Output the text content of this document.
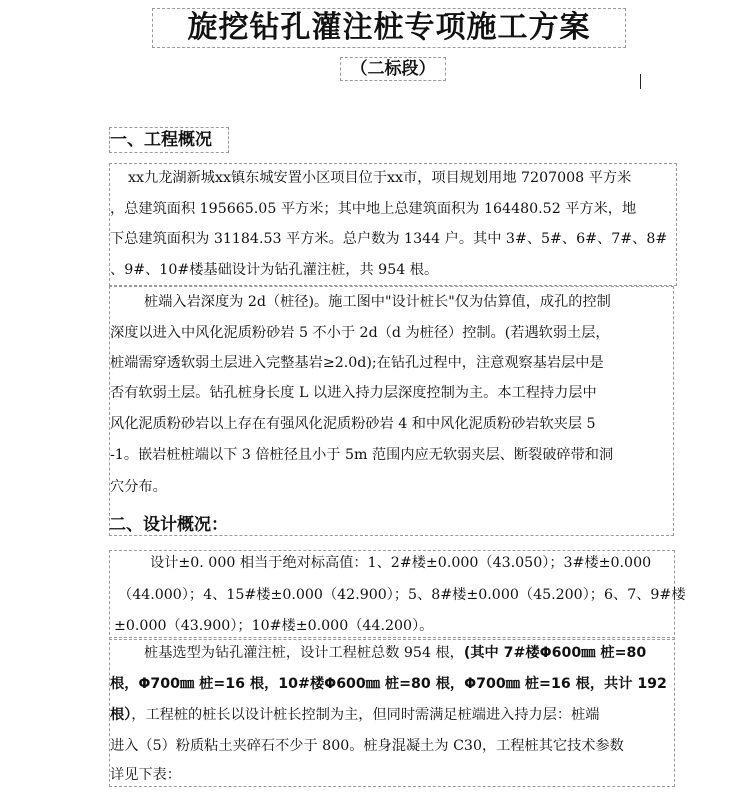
旋挖钻孔灌注桩专项施工方案
（二标段）
一、工程概况
xx九龙湖新城xx镇东城安置小区项目位于xx市，项目规划用地 7207008 平方米
，总建筑面积 195665.05 平方米；其中地上总建筑面积为 164480.52 平方米，地
下总建筑面积为 31184.53 平方米。总户数为 1344 户。其中 3#、5#、6#、7#、8#
、9#、10#楼基础设计为钻孔灌注桩，共 954 根。
桩端入岩深度为 2d（桩径)。施工图中"设计桩长"仅为估算值，成孔的控制
深度以进入中风化泥质粉砂岩 5 不小于 2d（d 为桩径）控制。(若遇软弱土层，
桩端需穿透软弱土层进入完整基岩≥2.0d);在钻孔过程中，注意观察基岩层中是
否有软弱土层。钻孔桩身长度 L 以进入持力层深度控制为主。本工程持力层中
风化泥质粉砂岩以上存在有强风化泥质粉砂岩 4 和中风化泥质粉砂岩软夹层 5
-1。嵌岩桩桩端以下 3 倍桩径且小于 5m 范围内应无软弱夹层、断裂破碎带和洞
穴分布。
二、设计概况：
设计±0. 000 相当于绝对标高值：1、2#楼±0.000（43.050）；3#楼±0.000
（44.000）；4、15#楼±0.000（42.900）；5、8#楼±0.000（45.200）；6、7、9#楼
±0.000（43.900）；10#楼±0.000（44.200）。
桩基选型为钻孔灌注桩，设计工程桩总数 954 根，(其中 7#楼Φ600㎜ 桩=80
根，Φ700㎜ 桩=16 根，10#楼Φ600㎜ 桩=80 根，Φ700㎜ 桩=16 根，共计 192
根），工程桩的桩长以设计桩长控制为主，但同时需满足桩端进入持力层：桩端
进入（5）粉质粘土夹碎石不少于 800。桩身混凝土为 C30，工程桩其它技术参数
详见下表：
